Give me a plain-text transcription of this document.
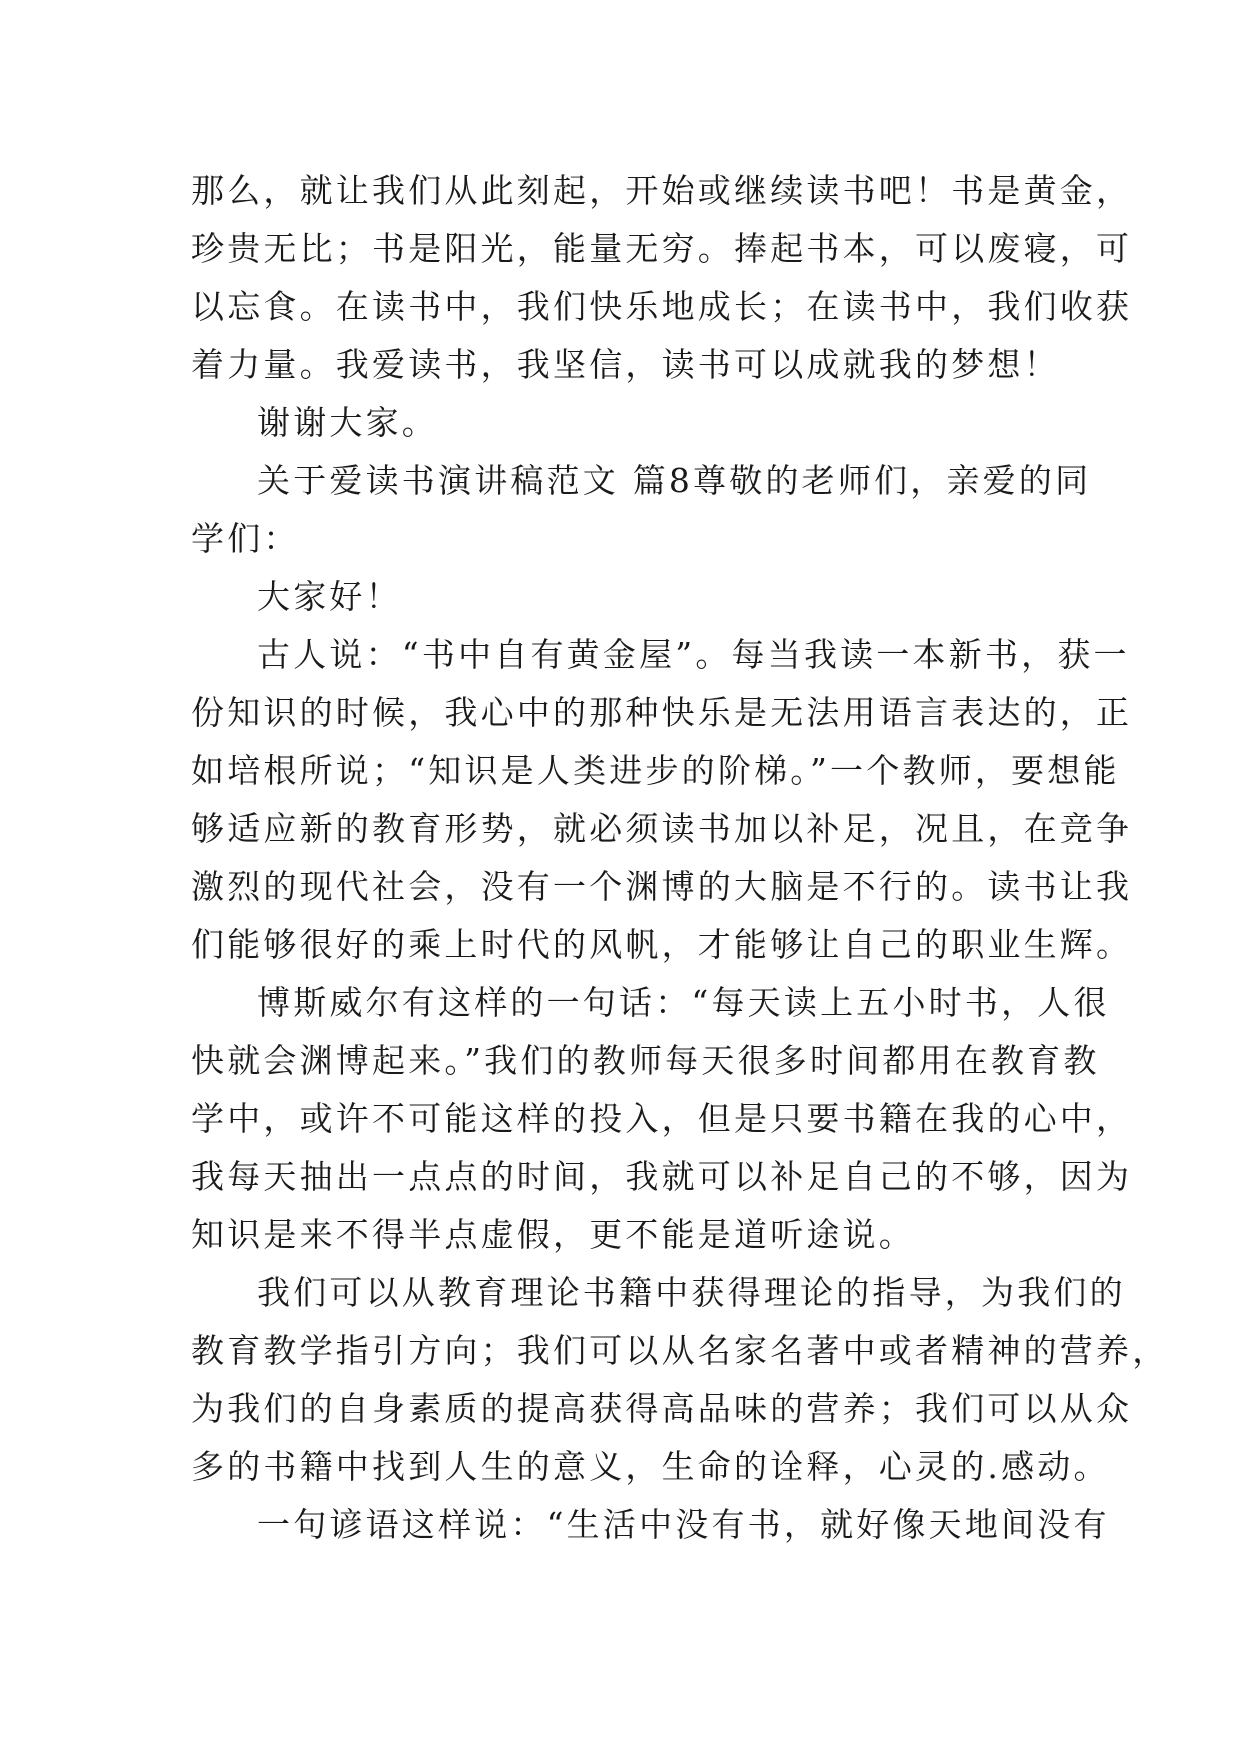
那么，就让我们从此刻起，开始或继续读书吧！书是黄金，
珍贵无比；书是阳光，能量无穷。捧起书本，可以废寝，可
以忘食。在读书中，我们快乐地成长；在读书中，我们收获
着力量。我爱读书，我坚信，读书可以成就我的梦想！
谢谢大家。
关于爱读书演讲稿范文 篇8尊敬的老师们，亲爱的同
学们：
大家好！
古人说：“书中自有黄金屋”。每当我读一本新书，获一
份知识的时候，我心中的那种快乐是无法用语言表达的，正
如培根所说；“知识是人类进步的阶梯。”一个教师，要想能
够适应新的教育形势，就必须读书加以补足，况且，在竞争
激烈的现代社会，没有一个渊博的大脑是不行的。读书让我
们能够很好的乘上时代的风帆，才能够让自己的职业生辉。
博斯威尔有这样的一句话：“每天读上五小时书，人很
快就会渊博起来。”我们的教师每天很多时间都用在教育教
学中，或许不可能这样的投入，但是只要书籍在我的心中，
我每天抽出一点点的时间，我就可以补足自己的不够，因为
知识是来不得半点虚假，更不能是道听途说。
我们可以从教育理论书籍中获得理论的指导，为我们的
教育教学指引方向；我们可以从名家名著中或者精神的营养，
为我们的自身素质的提高获得高品味的营养；我们可以从众
多的书籍中找到人生的意义，生命的诠释，心灵的.感动。
一句谚语这样说：“生活中没有书，就好像天地间没有
